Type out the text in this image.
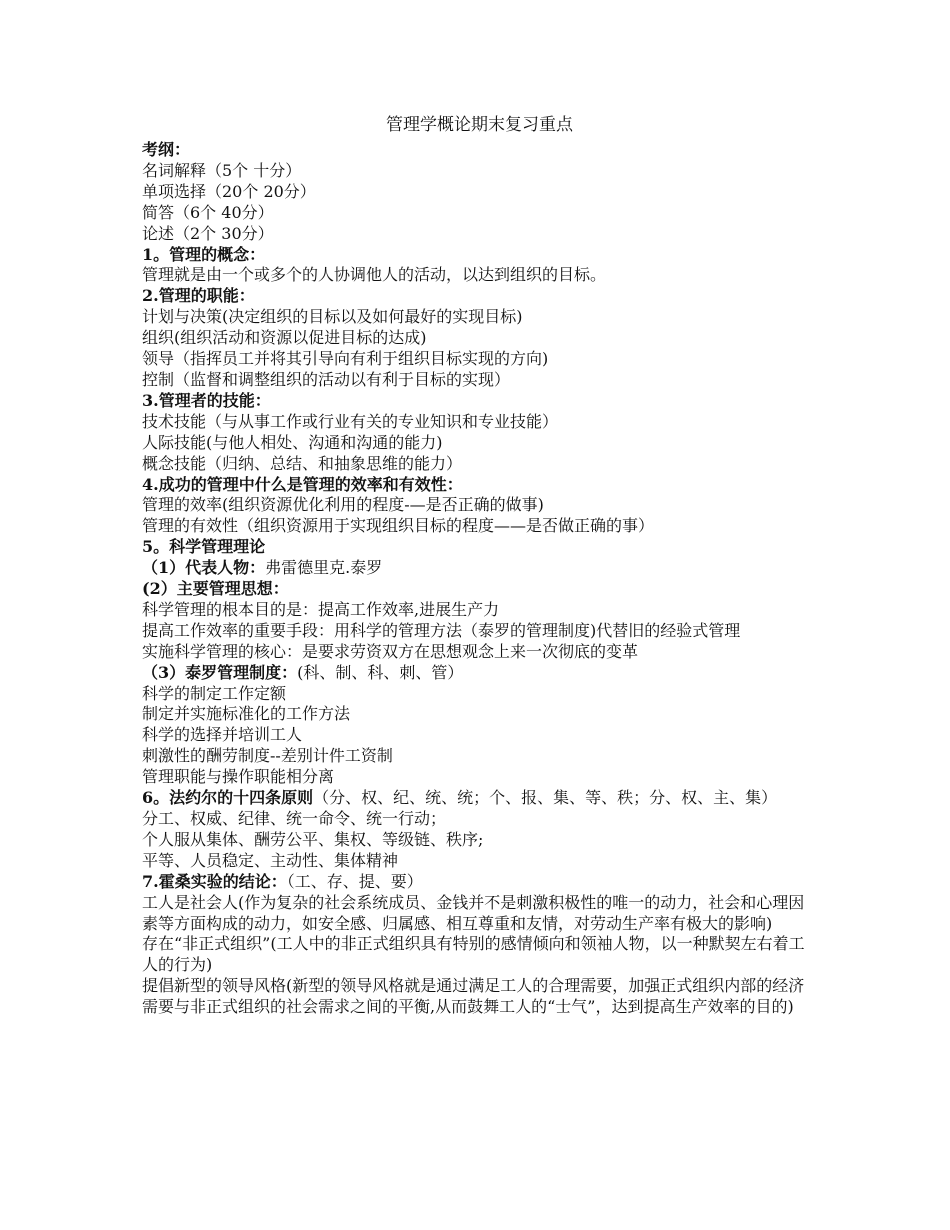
管理学概论期末复习重点
考纲：
名词解释（5个 十分）
单项选择（20个 20分）
简答（6个 40分）
论述（2个 30分）
1。管理的概念：
管理就是由一个或多个的人协调他人的活动，以达到组织的目标。
2.管理的职能：
计划与决策(决定组织的目标以及如何最好的实现目标)
组织(组织活动和资源以促进目标的达成)
领导（指挥员工并将其引导向有利于组织目标实现的方向)
控制（监督和调整组织的活动以有利于目标的实现）
3.管理者的技能：
技术技能（与从事工作或行业有关的专业知识和专业技能）
人际技能(与他人相处、沟通和沟通的能力)
概念技能（归纳、总结、和抽象思维的能力）
4.成功的管理中什么是管理的效率和有效性：
管理的效率(组织资源优化利用的程度-—是否正确的做事)
管理的有效性（组织资源用于实现组织目标的程度——是否做正确的事）
5。科学管理理论
（1）代表人物：弗雷德里克.泰罗
(2）主要管理思想：
科学管理的根本目的是：提高工作效率,进展生产力
提高工作效率的重要手段：用科学的管理方法（泰罗的管理制度)代替旧的经验式管理
实施科学管理的核心：是要求劳资双方在思想观念上来一次彻底的变革
（3）泰罗管理制度：(科、制、科、刺、管）
科学的制定工作定额
制定并实施标准化的工作方法
科学的选择并培训工人
刺激性的酬劳制度--差别计件工资制
管理职能与操作职能相分离
6。法约尔的十四条原则（分、权、纪、统、统；个、报、集、等、秩；分、权、主、集）
分工、权威、纪律、统一命令、统一行动；
个人服从集体、酬劳公平、集权、等级链、秩序;
平等、人员稳定、主动性、集体精神
7.霍桑实验的结论：（工、存、提、要）
工人是社会人(作为复杂的社会系统成员、金钱并不是刺激积极性的唯一的动力，社会和心理因素等方面构成的动力，如安全感、归属感、相互尊重和友情，对劳动生产率有极大的影响)
存在“非正式组织”(工人中的非正式组织具有特别的感情倾向和领袖人物，以一种默契左右着工人的行为)
提倡新型的领导风格(新型的领导风格就是通过满足工人的合理需要，加强正式组织内部的经济需要与非正式组织的社会需求之间的平衡,从而鼓舞工人的“士气”，达到提高生产效率的目的)
